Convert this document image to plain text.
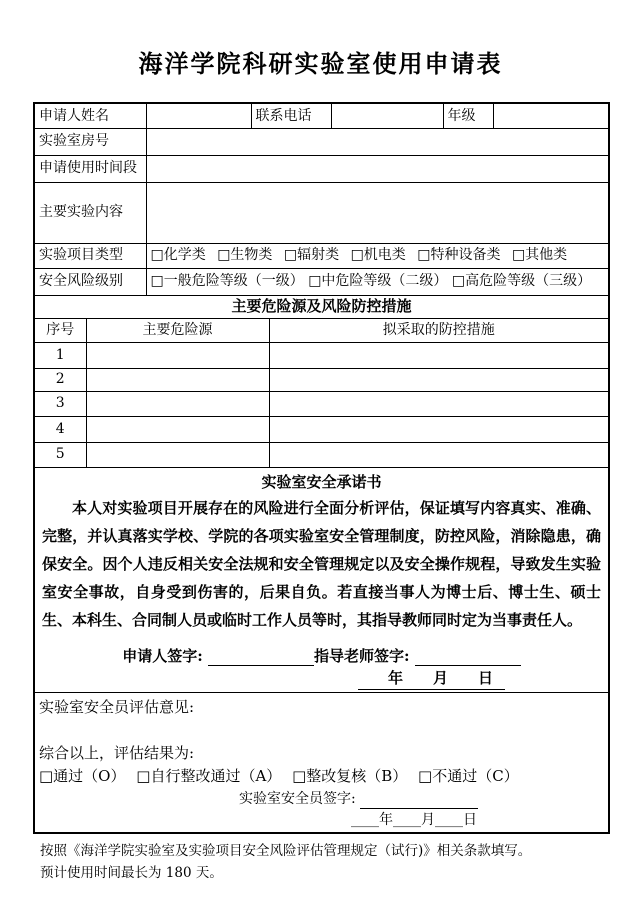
海洋学院科研实验室使用申请表
申请人姓名			联系电话			年级	
实验室房号							
申请使用时间段							
主要实验内容							
实验项目类型		□化学类 □生物类 □辐射类 □机电类 □特种设备类 □其他类					
安全风险级别		□一般危险等级（一级） □中危险等级（二级） □高危险等级（三级）					
主要危险源及风险防控措施							
序号	主要危险源			拟采取的防控措施			
1							
2							
3							
4							
5							

实验室安全承诺书

本人对实验项目开展存在的风险进行全面分析评估，保证填写内容真实、准确、完整，并认真落实学校、学院的各项实验室安全管理制度，防控风险，消除隐患，确保安全。因个人违反相关安全法规和安全管理规定以及安全操作规程，导致发生实验室安全事故，自身受到伤害的，后果自负。若直接当事人为博士后、博士生、硕士生、本科生、合同制人员或临时工作人员等时，其指导教师同时定为当事责任人。

申请人签字: 指导老师签字:
年　　月　　日							

实验室安全员评估意见:
综合以上，评估结果为:
□通过（O） □自行整改通过（A） □整改复核（B） □不通过（C）
实验室安全员签字:
____年____月____日							
按照《海洋学院实验室及实验项目安全风险评估管理规定（试行)》相关条款填写。
预计使用时间最长为 180 天。
